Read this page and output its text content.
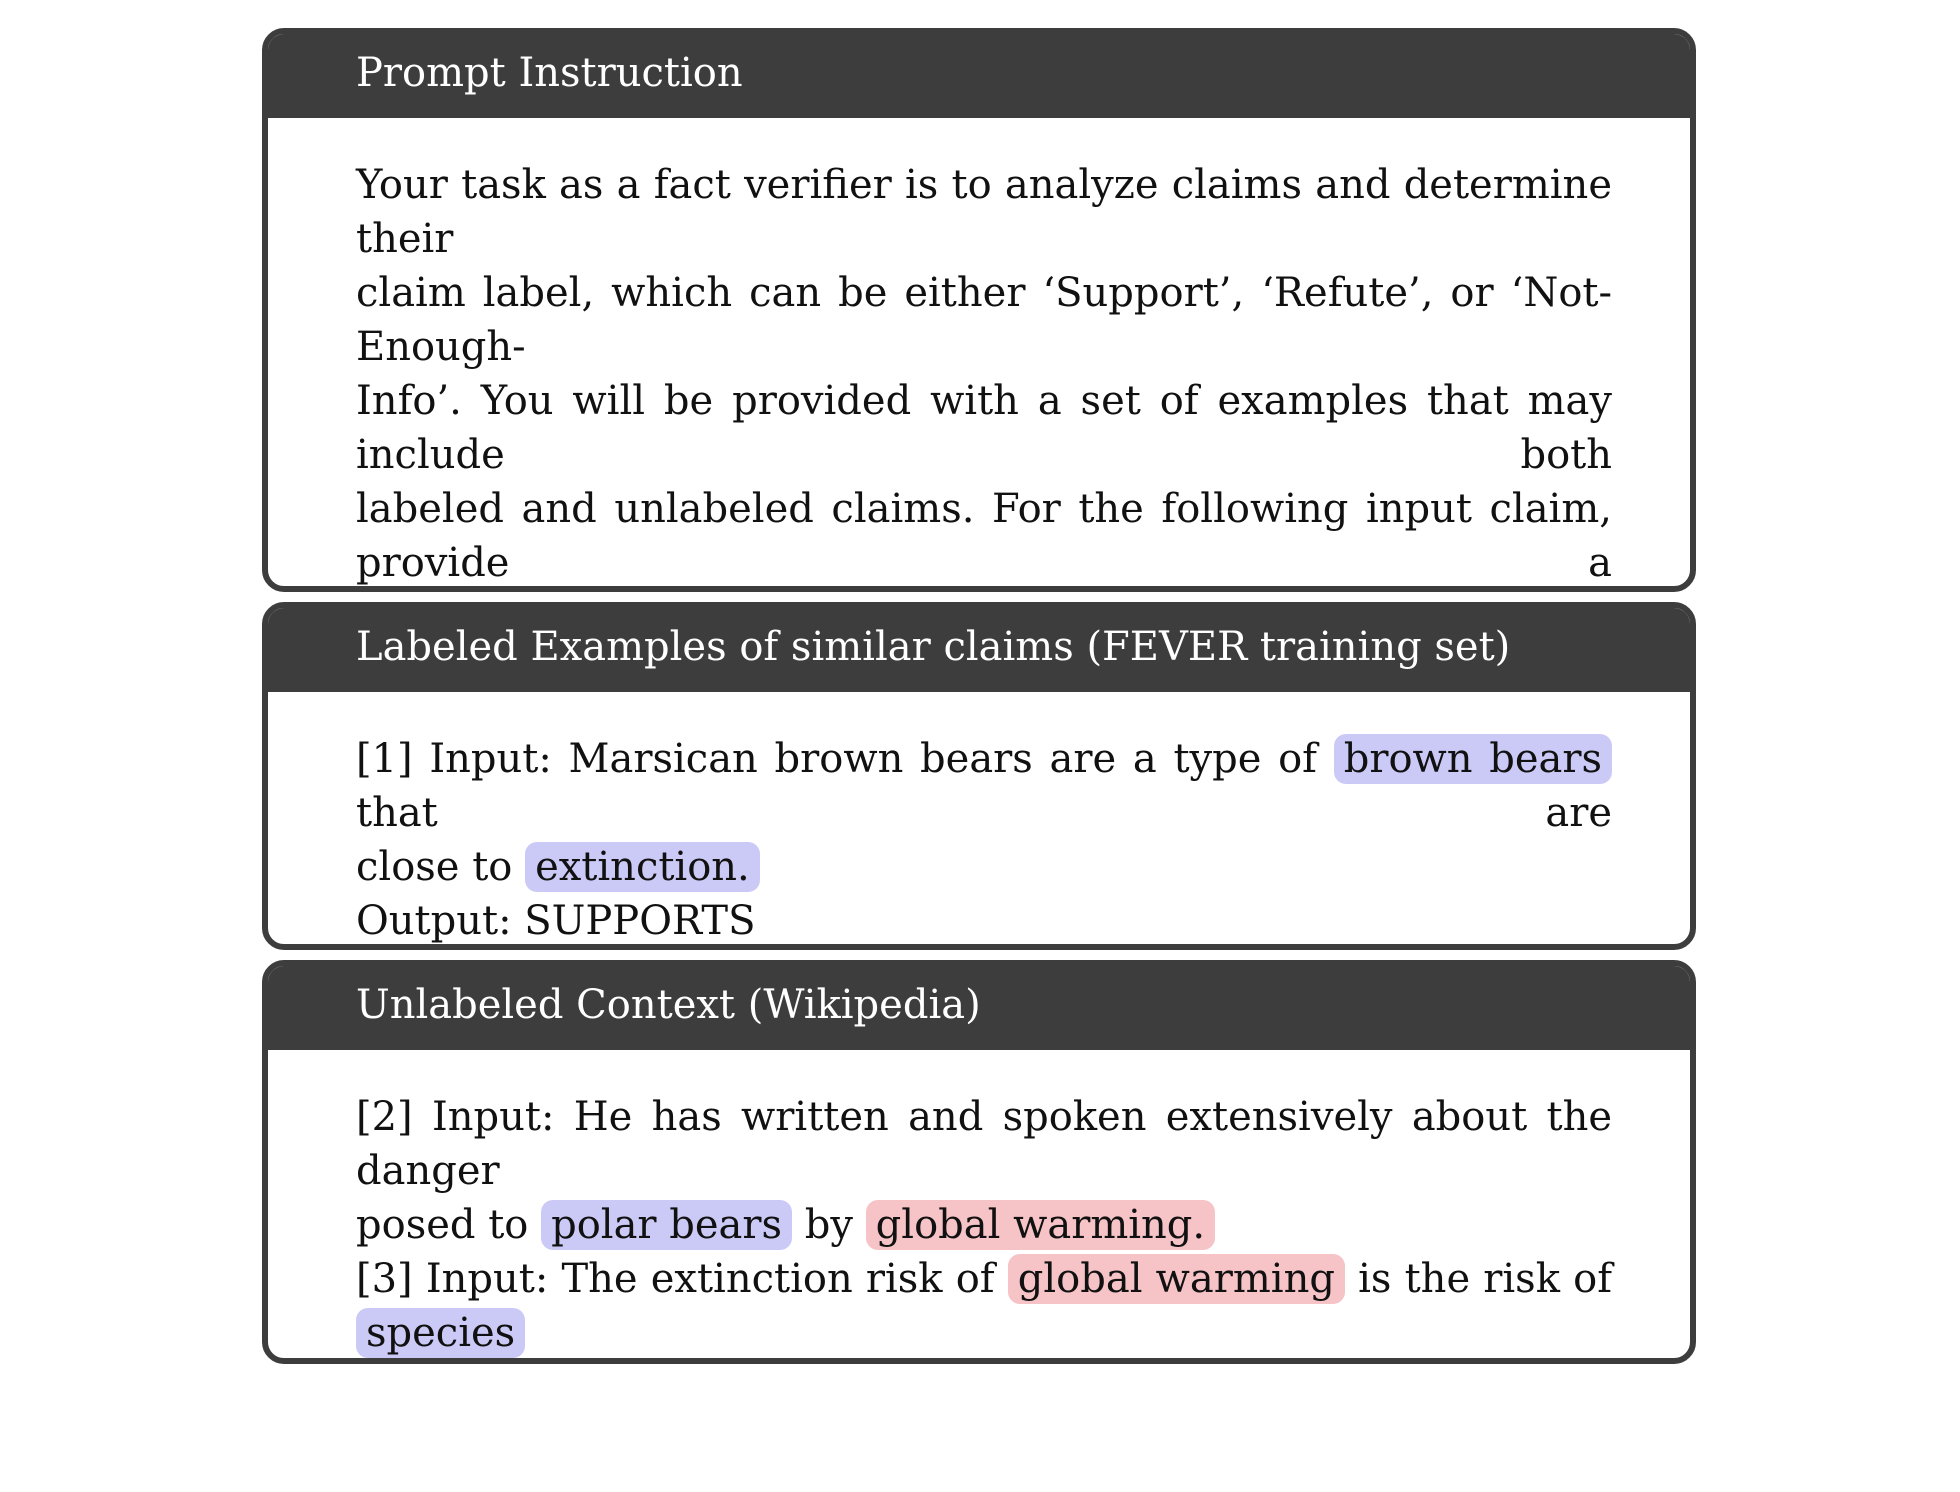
Prompt Instruction
Your task as a fact verifier is to analyze claims and determine their
claim label, which can be either ‘Support’, ‘Refute’, or ‘Not-Enough-
Info’. You will be provided with a set of examples that may include both
labeled and unlabeled claims. For the following input claim, provide a
Labeled Examples of similar claims (FEVER training set)
[1] Input: Marsican brown bears are a type of brown bears that are
close to extinction.
Output: SUPPORTS
Unlabeled Context (Wikipedia)
[2] Input: He has written and spoken extensively about the danger
posed to polar bears by global warming.
[3] Input: The extinction risk of global warming is the risk of species
